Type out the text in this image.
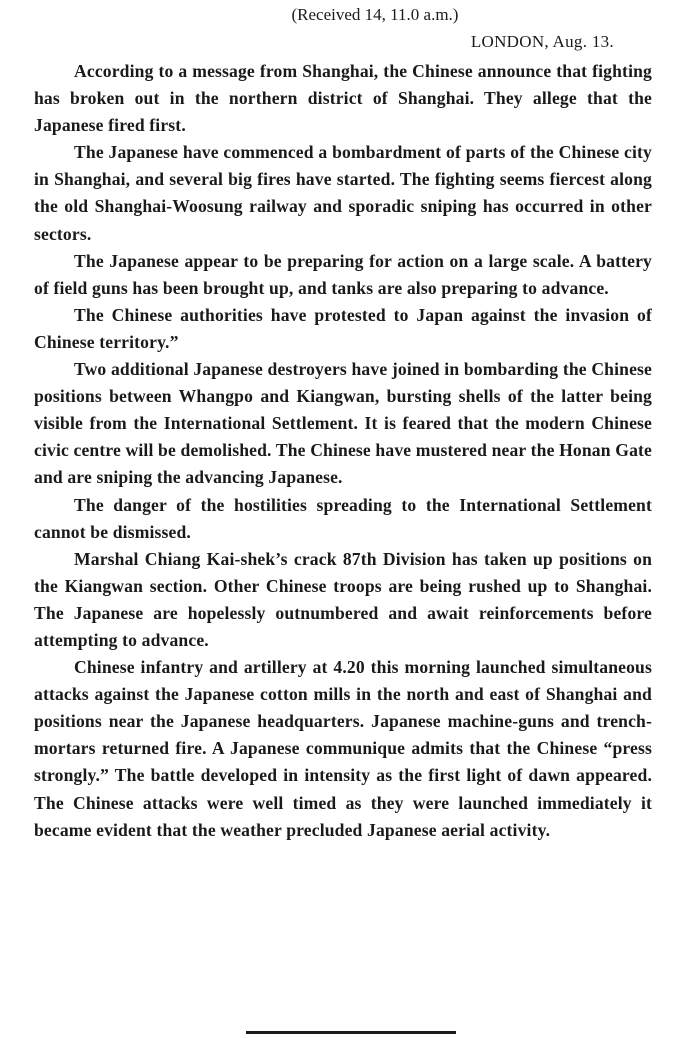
(Received 14, 11.0 a.m.)
LONDON, Aug. 13.

According to a message from Shanghai, the Chinese announce that fighting has broken out in the northern district of Shanghai. They allege that the Japanese fired first.

The Japanese have commenced a bombardment of parts of the Chinese city in Shanghai, and several big fires have started. The fighting seems fiercest along the old Shanghai-Woosung railway and sporadic sniping has occurred in other sectors.

The Japanese appear to be preparing for action on a large scale. A battery of field guns has been brought up, and tanks are also preparing to advance.

The Chinese authorities have protested to Japan against the invasion of Chinese territory.”

Two additional Japanese destroyers have joined in bombarding the Chinese positions between Whangpo and Kiangwan, bursting shells of the latter being visible from the International Settlement. It is feared that the modern Chinese civic centre will be demolished. The Chinese have mustered near the Honan Gate and are sniping the advancing Japanese.

The danger of the hostilities spreading to the International Settlement cannot be dismissed.

Marshal Chiang Kai-shek’s crack 87th Division has taken up positions on the Kiangwan section. Other Chinese troops are being rushed up to Shanghai. The Japanese are hopelessly outnumbered and await reinforcements before attempting to advance.

Chinese infantry and artillery at 4.20 this morning launched simultaneous attacks against the Japanese cotton mills in the north and east of Shanghai and positions near the Japanese headquarters. Japanese machine-guns and trench-mortars returned fire. A Japanese communique admits that the Chinese “press strongly.” The battle developed in intensity as the first light of dawn appeared. The Chinese attacks were well timed as they were launched immediately it became evident that the weather precluded Japanese aerial activity.
